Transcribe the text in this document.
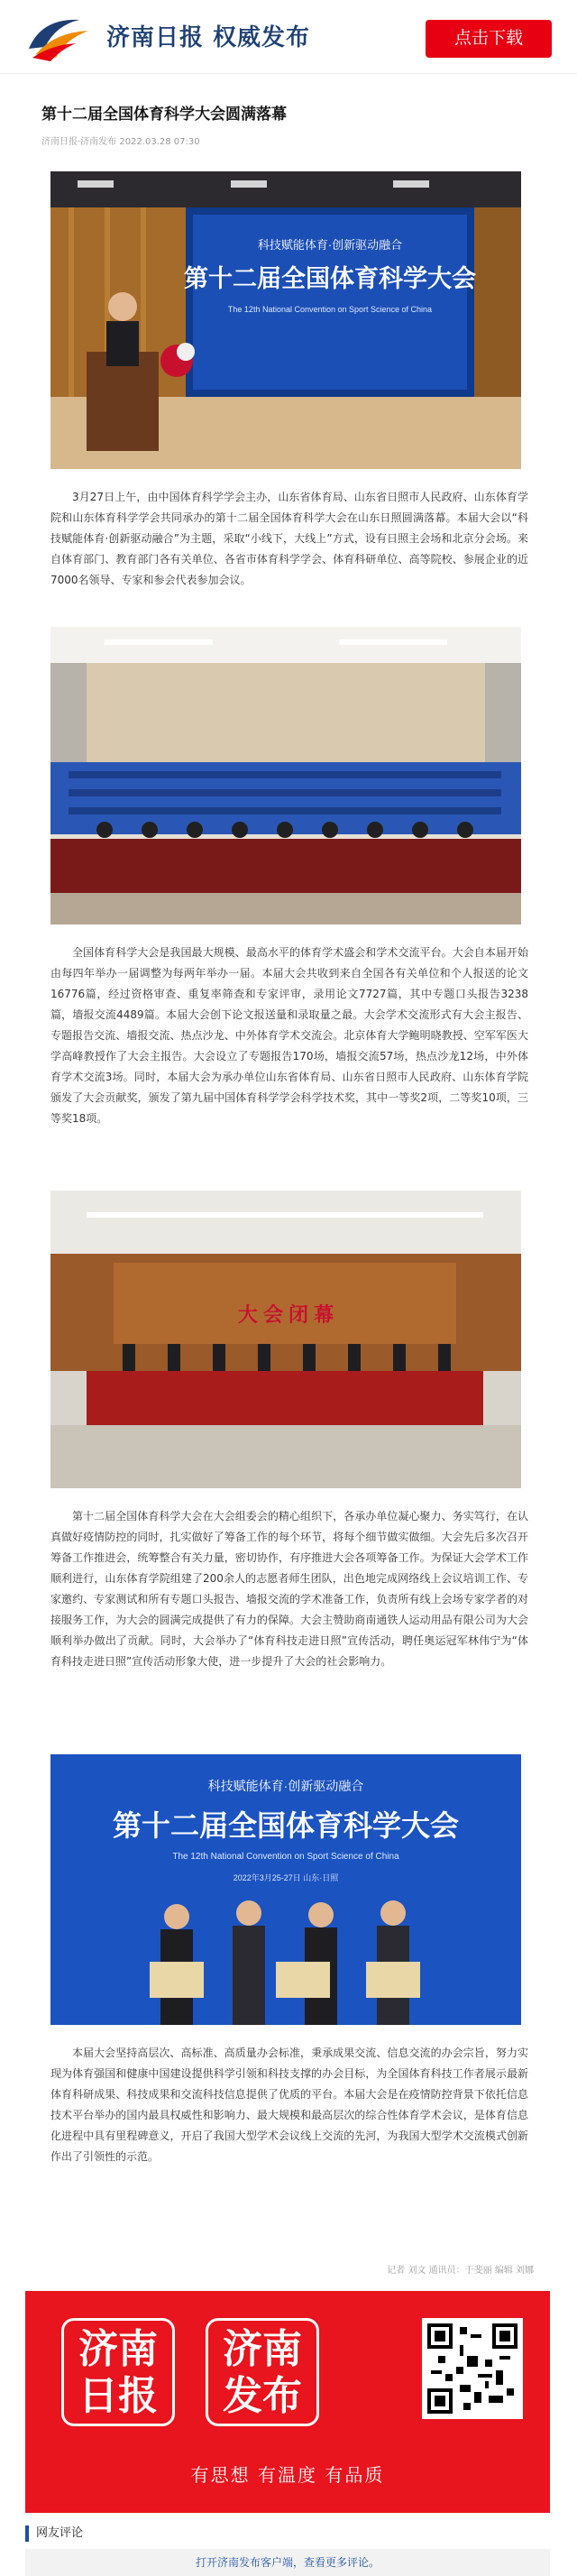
济南日报 权威发布	点击下载
第十二届全国体育科学大会圆满落幕
济南日报·济南发布 2022.03.28 07:30
科技赋能体育·创新驱动融合
第十二届全国体育科学大会
The 12th National Convention on Sport Science of China
3月27日上午，由中国体育科学学会主办，山东省体育局、山东省日照市人民政府、山东体育学院和山东体育科学学会共同承办的第十二届全国体育科学大会在山东日照圆满落幕。本届大会以“科技赋能体育·创新驱动融合”为主题，采取“小线下，大线上”方式，设有日照主会场和北京分会场。来自体育部门、教育部门各有关单位、各省市体育科学学会、体育科研单位、高等院校、参展企业的近7000名领导、专家和参会代表参加会议。
全国体育科学大会是我国最大规模、最高水平的体育学术盛会和学术交流平台。大会自本届开始由每四年举办一届调整为每两年举办一届。本届大会共收到来自全国各有关单位和个人报送的论文16776篇，经过资格审查、重复率筛查和专家评审，录用论文7727篇，其中专题口头报告3238篇，墙报交流4489篇。本届大会创下论文报送量和录取量之最。大会学术交流形式有大会主报告、专题报告交流、墙报交流、热点沙龙、中外体育学术交流会。北京体育大学鲍明晓教授、空军军医大学高峰教授作了大会主报告。大会设立了专题报告170场，墙报交流57场，热点沙龙12场，中外体育学术交流3场。同时，本届大会为承办单位山东省体育局、山东省日照市人民政府、山东体育学院颁发了大会贡献奖，颁发了第九届中国体育科学学会科学技术奖，其中一等奖2项，二等奖10项，三等奖18项。
大 会 闭 幕
第十二届全国体育科学大会在大会组委会的精心组织下，各承办单位凝心聚力、务实笃行，在认真做好疫情防控的同时，扎实做好了筹备工作的每个环节，将每个细节做实做细。大会先后多次召开筹备工作推进会，统筹整合有关力量，密切协作，有序推进大会各项筹备工作。为保证大会学术工作顺利进行，山东体育学院组建了200余人的志愿者师生团队，出色地完成网络线上会议培训工作、专家邀约、专家测试和所有专题口头报告、墙报交流的学术准备工作，负责所有线上会场专家学者的对接服务工作，为大会的圆满完成提供了有力的保障。大会主赞助商南通铁人运动用品有限公司为大会顺利举办做出了贡献。同时，大会举办了“体育科技走进日照”宣传活动，聘任奥运冠军林伟宁为“体育科技走进日照”宣传活动形象大使，进一步提升了大会的社会影响力。
科技赋能体育·创新驱动融合
第十二届全国体育科学大会
The 12th National Convention on Sport Science of China
2022年3月25-27日 山东·日照
本届大会坚持高层次、高标准、高质量办会标准，秉承成果交流、信息交流的办会宗旨，努力实现为体育强国和健康中国建设提供科学引领和科技支撑的办会目标，为全国体育科技工作者展示最新体育科研成果、科技成果和交流科技信息提供了优质的平台。本届大会是在疫情防控背景下依托信息技术平台举办的国内最具权威性和影响力、最大规模和最高层次的综合性体育学术会议，是体育信息化进程中具有里程碑意义，开启了我国大型学术会议线上交流的先河，为我国大型学术交流模式创新作出了引领性的示范。
记者 刘文 通讯员：于斐丽 编辑 刘娜
济南
日报
济南
发布
有思想 有温度 有品质
网友评论
打开济南发布客户端，查看更多评论。
